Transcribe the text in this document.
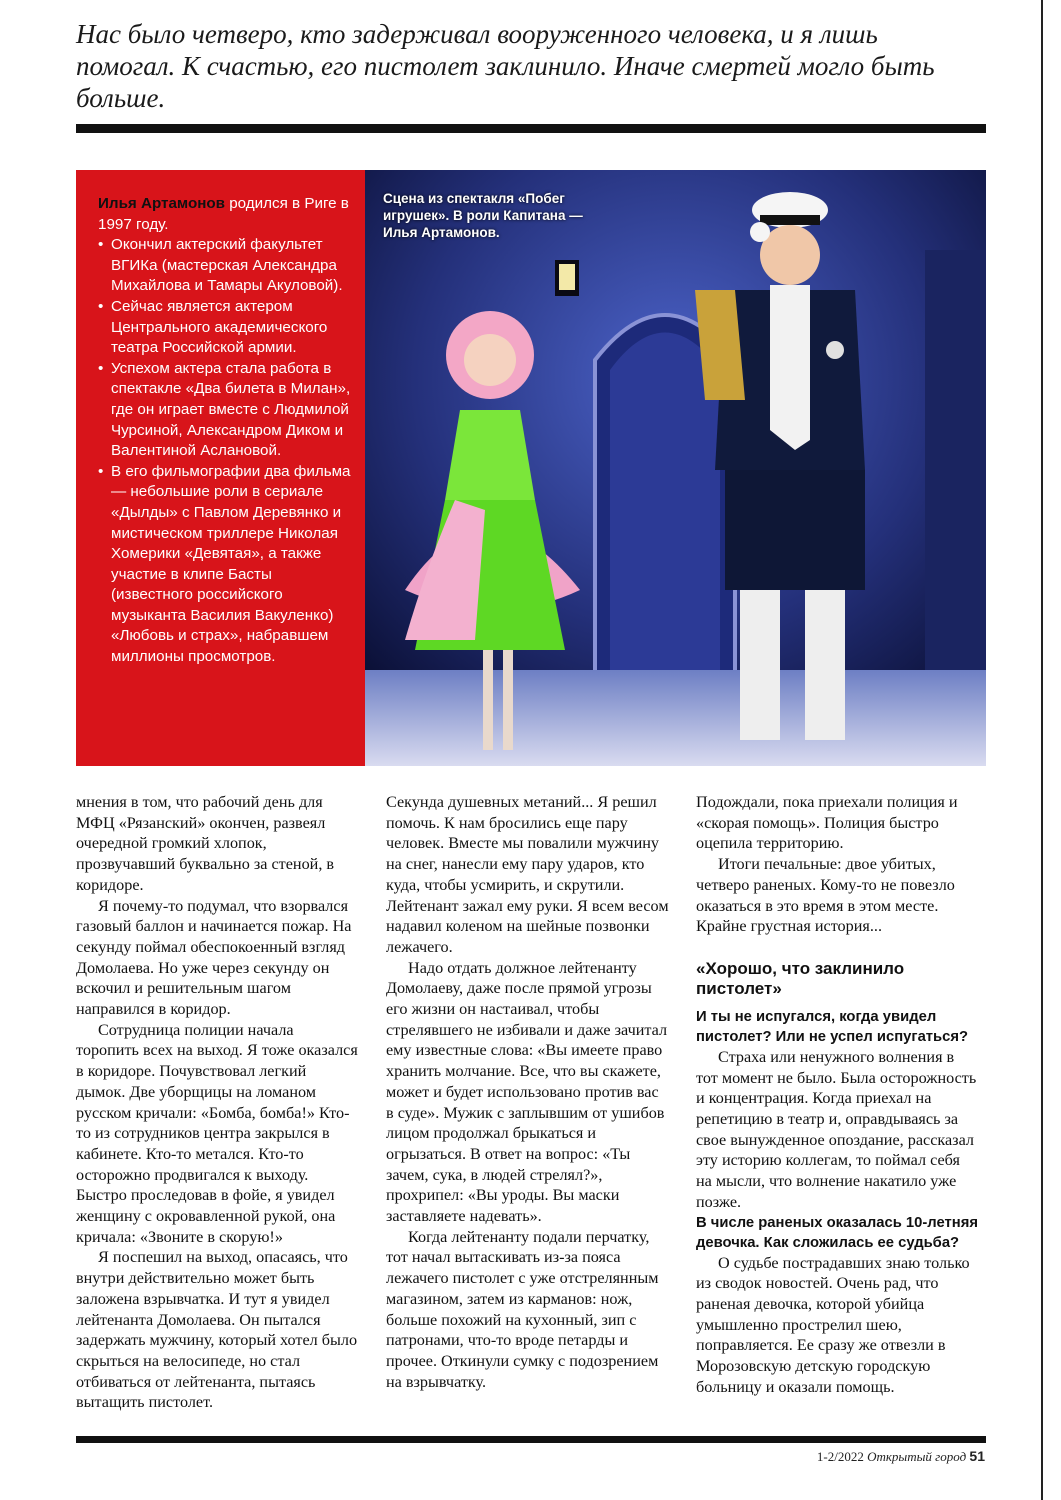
Нас было четверо, кто задерживал вооруженного человека, и я лишь помогал. К счастью, его пистолет заклинило. Иначе смертей могло быть больше.

Илья Артамонов родился в Риге в 1997 году.

• Окончил актерский факультет ВГИКа (мастерская Александра Михайлова и Тамары Акуловой).
• Сейчас является актером Центрального академического театра Российской армии.
• Успехом актера стала работа в спектакле «Два билета в Милан», где он играет вместе с Людмилой Чурсиной, Александром Диком и Валентиной Аслановой.
• В его фильмографии два фильма — небольшие роли в сериале «Дылды» с Павлом Деревянко и мистическом триллере Николая Хомерики «Девятая», а также участие в клипе Басты (известного российского музыканта Василия Вакуленко) «Любовь и страх», набравшем миллионы просмотров.
Сцена из спектакля «Побег игрушек». В роли Капитана — Илья Артамонов.

мнения в том, что рабочий день для МФЦ «Рязанский» окончен, развеял очередной громкий хлопок, прозвучавший буквально за стеной, в коридоре.

Я почему-то подумал, что взорвался газовый баллон и начинается пожар. На секунду поймал обеспокоенный взгляд Домолаева. Но уже через секунду он вскочил и решительным шагом направился в коридор.

Сотрудница полиции начала торопить всех на выход. Я тоже оказался в коридоре. Почувствовал легкий дымок. Две уборщицы на ломаном русском кричали: «Бомба, бомба!» Кто-то из сотрудников центра закрылся в кабинете. Кто-то метался. Кто-то осторожно продвигался к выходу. Быстро проследовав в фойе, я увидел женщину с окровавленной рукой, она кричала: «Звоните в скорую!»

Я поспешил на выход, опасаясь, что внутри действительно может быть заложена взрывчатка. И тут я увидел лейтенанта Домолаева. Он пытался задержать мужчину, который хотел было скрыться на велосипеде, но стал отбиваться от лейтенанта, пытаясь вытащить пистолет.

Секунда душевных метаний... Я решил помочь. К нам бросились еще пару человек. Вместе мы повалили мужчину на снег, нанесли ему пару ударов, кто куда, чтобы усмирить, и скрутили. Лейтенант зажал ему руки. Я всем весом надавил коленом на шейные позвонки лежачего.

Надо отдать должное лейтенанту Домолаеву, даже после прямой угрозы его жизни он настаивал, чтобы стрелявшего не избивали и даже зачитал ему известные слова: «Вы имеете право хранить молчание. Все, что вы скажете, может и будет использовано против вас в суде». Мужик с заплывшим от ушибов лицом продолжал брыкаться и огрызаться. В ответ на вопрос: «Ты зачем, сука, в людей стрелял?», прохрипел: «Вы уроды. Вы маски заставляете надевать».

Когда лейтенанту подали перчатку, тот начал вытаскивать из-за пояса лежачего пистолет с уже отстрелянным магазином, затем из карманов: нож, больше похожий на кухонный, зип с патронами, что-то вроде петарды и прочее. Откинули сумку с подозрением на взрывчатку.

Подождали, пока приехали полиция и «скорая помощь». Полиция быстро оцепила территорию.

Итоги печальные: двое убитых, четверо раненых. Кому-то не повезло оказаться в это время в этом месте. Крайне грустная история...

«Хорошо, что заклинило пистолет»

И ты не испугался, когда увидел пистолет? Или не успел испугаться?

Страха или ненужного волнения в тот момент не было. Была осторожность и концентрация. Когда приехал на репетицию в театр и, оправдываясь за свое вынужденное опоздание, рассказал эту историю коллегам, то поймал себя на мысли, что волнение накатило уже позже.

В числе раненых оказалась 10-летняя девочка. Как сложилась ее судьба?

О судьбе пострадавших знаю только из сводок новостей. Очень рад, что раненая девочка, которой убийца умышленно прострелил шею, поправляется. Ее сразу же отвезли в Морозовскую детскую городскую больницу и оказали помощь.

1-2/2022 Открытый город 51
